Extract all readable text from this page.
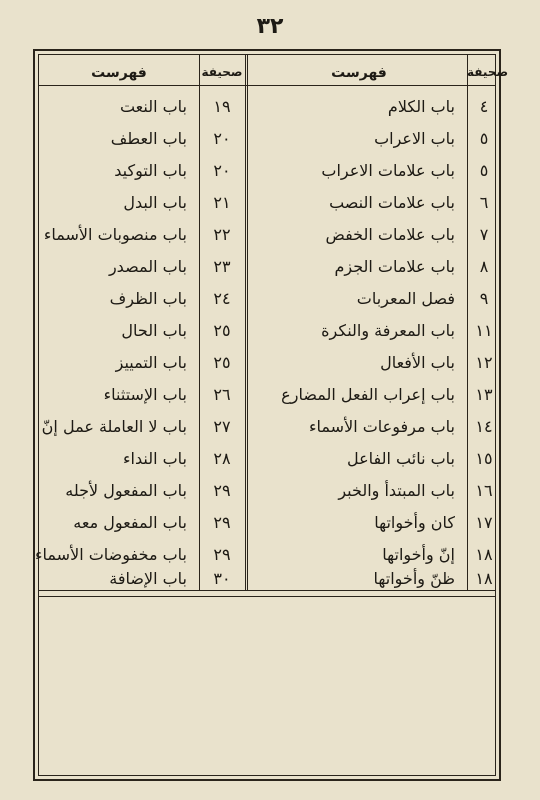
٣٢
صحيفة
فهرست
صحيفة
فهرست
٤
باب الكلام
٥
باب الاعراب
٥
باب علامات الاعراب
٦
باب علامات النصب
٧
باب علامات الخفض
٨
باب علامات الجزم
٩
فصل المعربات
١١
باب المعرفة والنكرة
١٢
باب الأفعال
١٣
باب إعراب الفعل المضارع
١٤
باب مرفوعات الأسماء
١٥
باب نائب الفاعل
١٦
باب المبتدأ والخبر
١٧
كان وأخواتها
١٨
إنّ وأخواتها
١٨
ظنّ وأخواتها
١٩
باب النعت
٢٠
باب العطف
٢٠
باب التوكيد
٢١
باب البدل
٢٢
باب منصوبات الأسماء
٢٣
باب المصدر
٢٤
باب الظرف
٢٥
باب الحال
٢٥
باب التمييز
٢٦
باب الإستثناء
٢٧
باب لا العاملة عمل إنّ
٢٨
باب النداء
٢٩
باب المفعول لأجله
٢٩
باب المفعول معه
٢٩
باب مخفوضات الأسماء
٣٠
باب الإضافة
